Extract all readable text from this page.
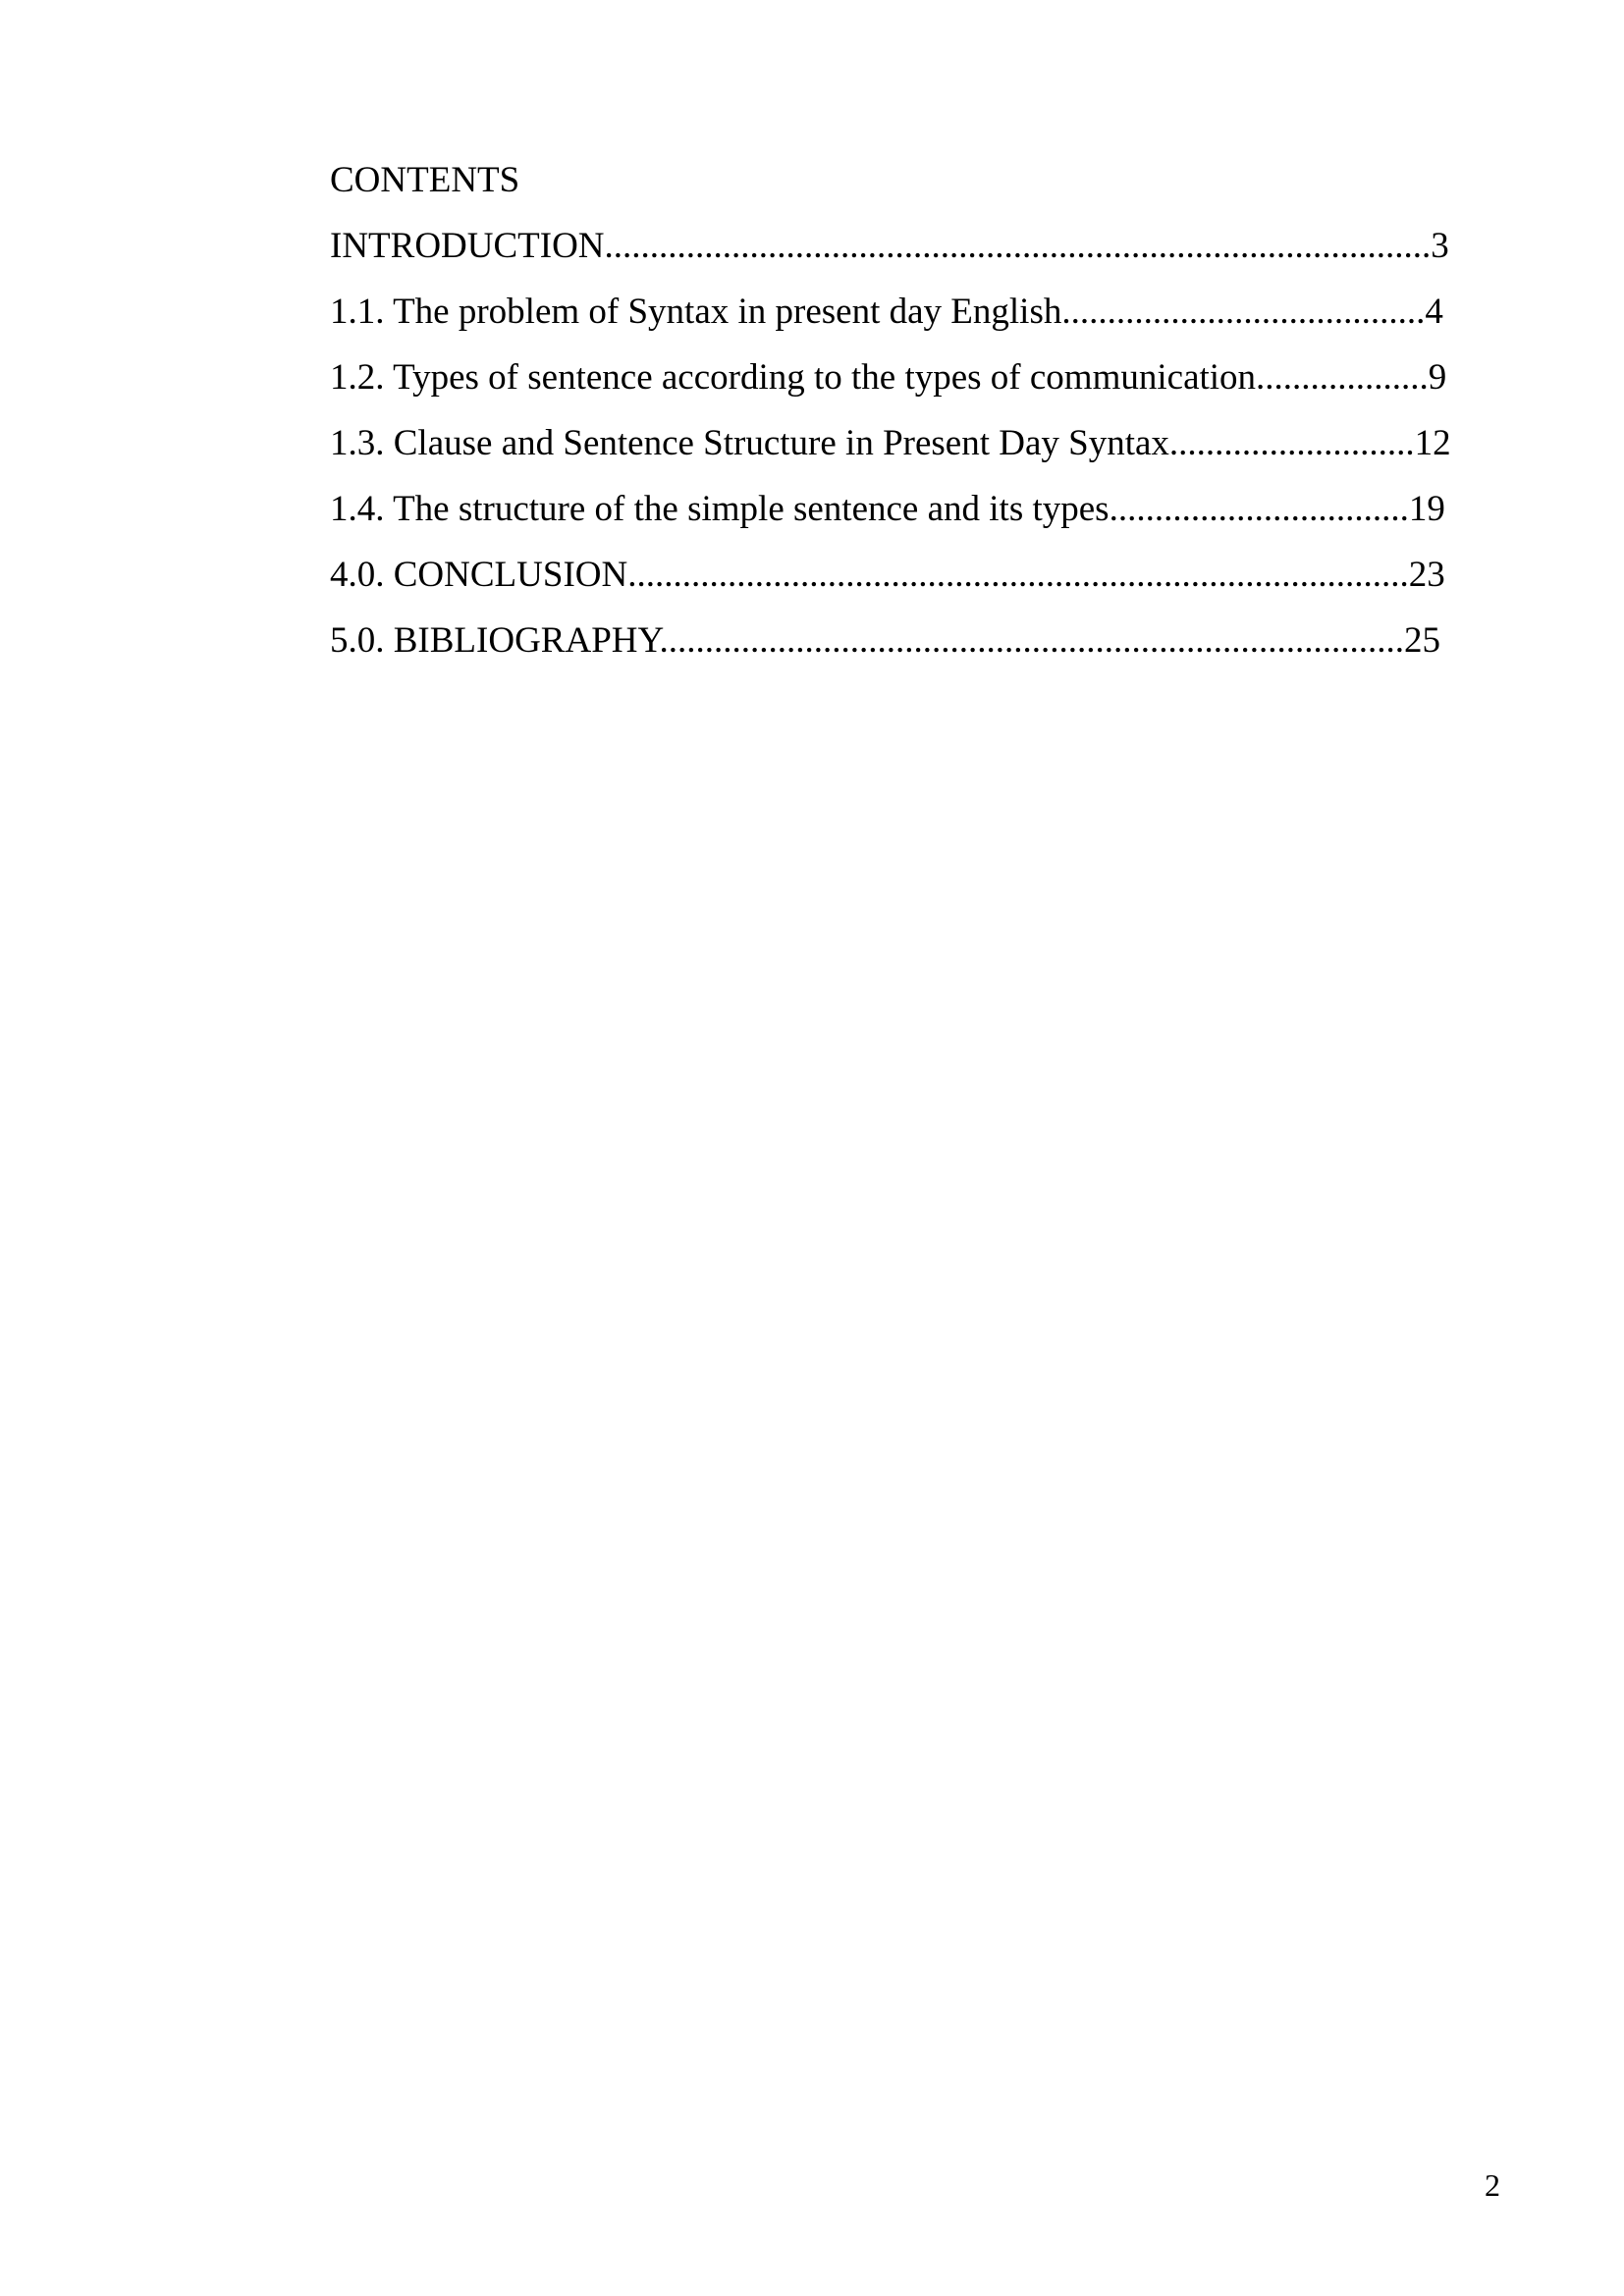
CONTENTS
INTRODUCTION...........................................................................................3
1.1. The problem of Syntax in present day English........................................4
1.2. Types of sentence according to the types of communication...................9
1.3. Clause and Sentence Structure in Present Day Syntax...........................12
1.4. The structure of the simple sentence and its types.................................19
4.0. CONCLUSION......................................................................................23
5.0. BIBLIOGRAPHY..................................................................................25
2
